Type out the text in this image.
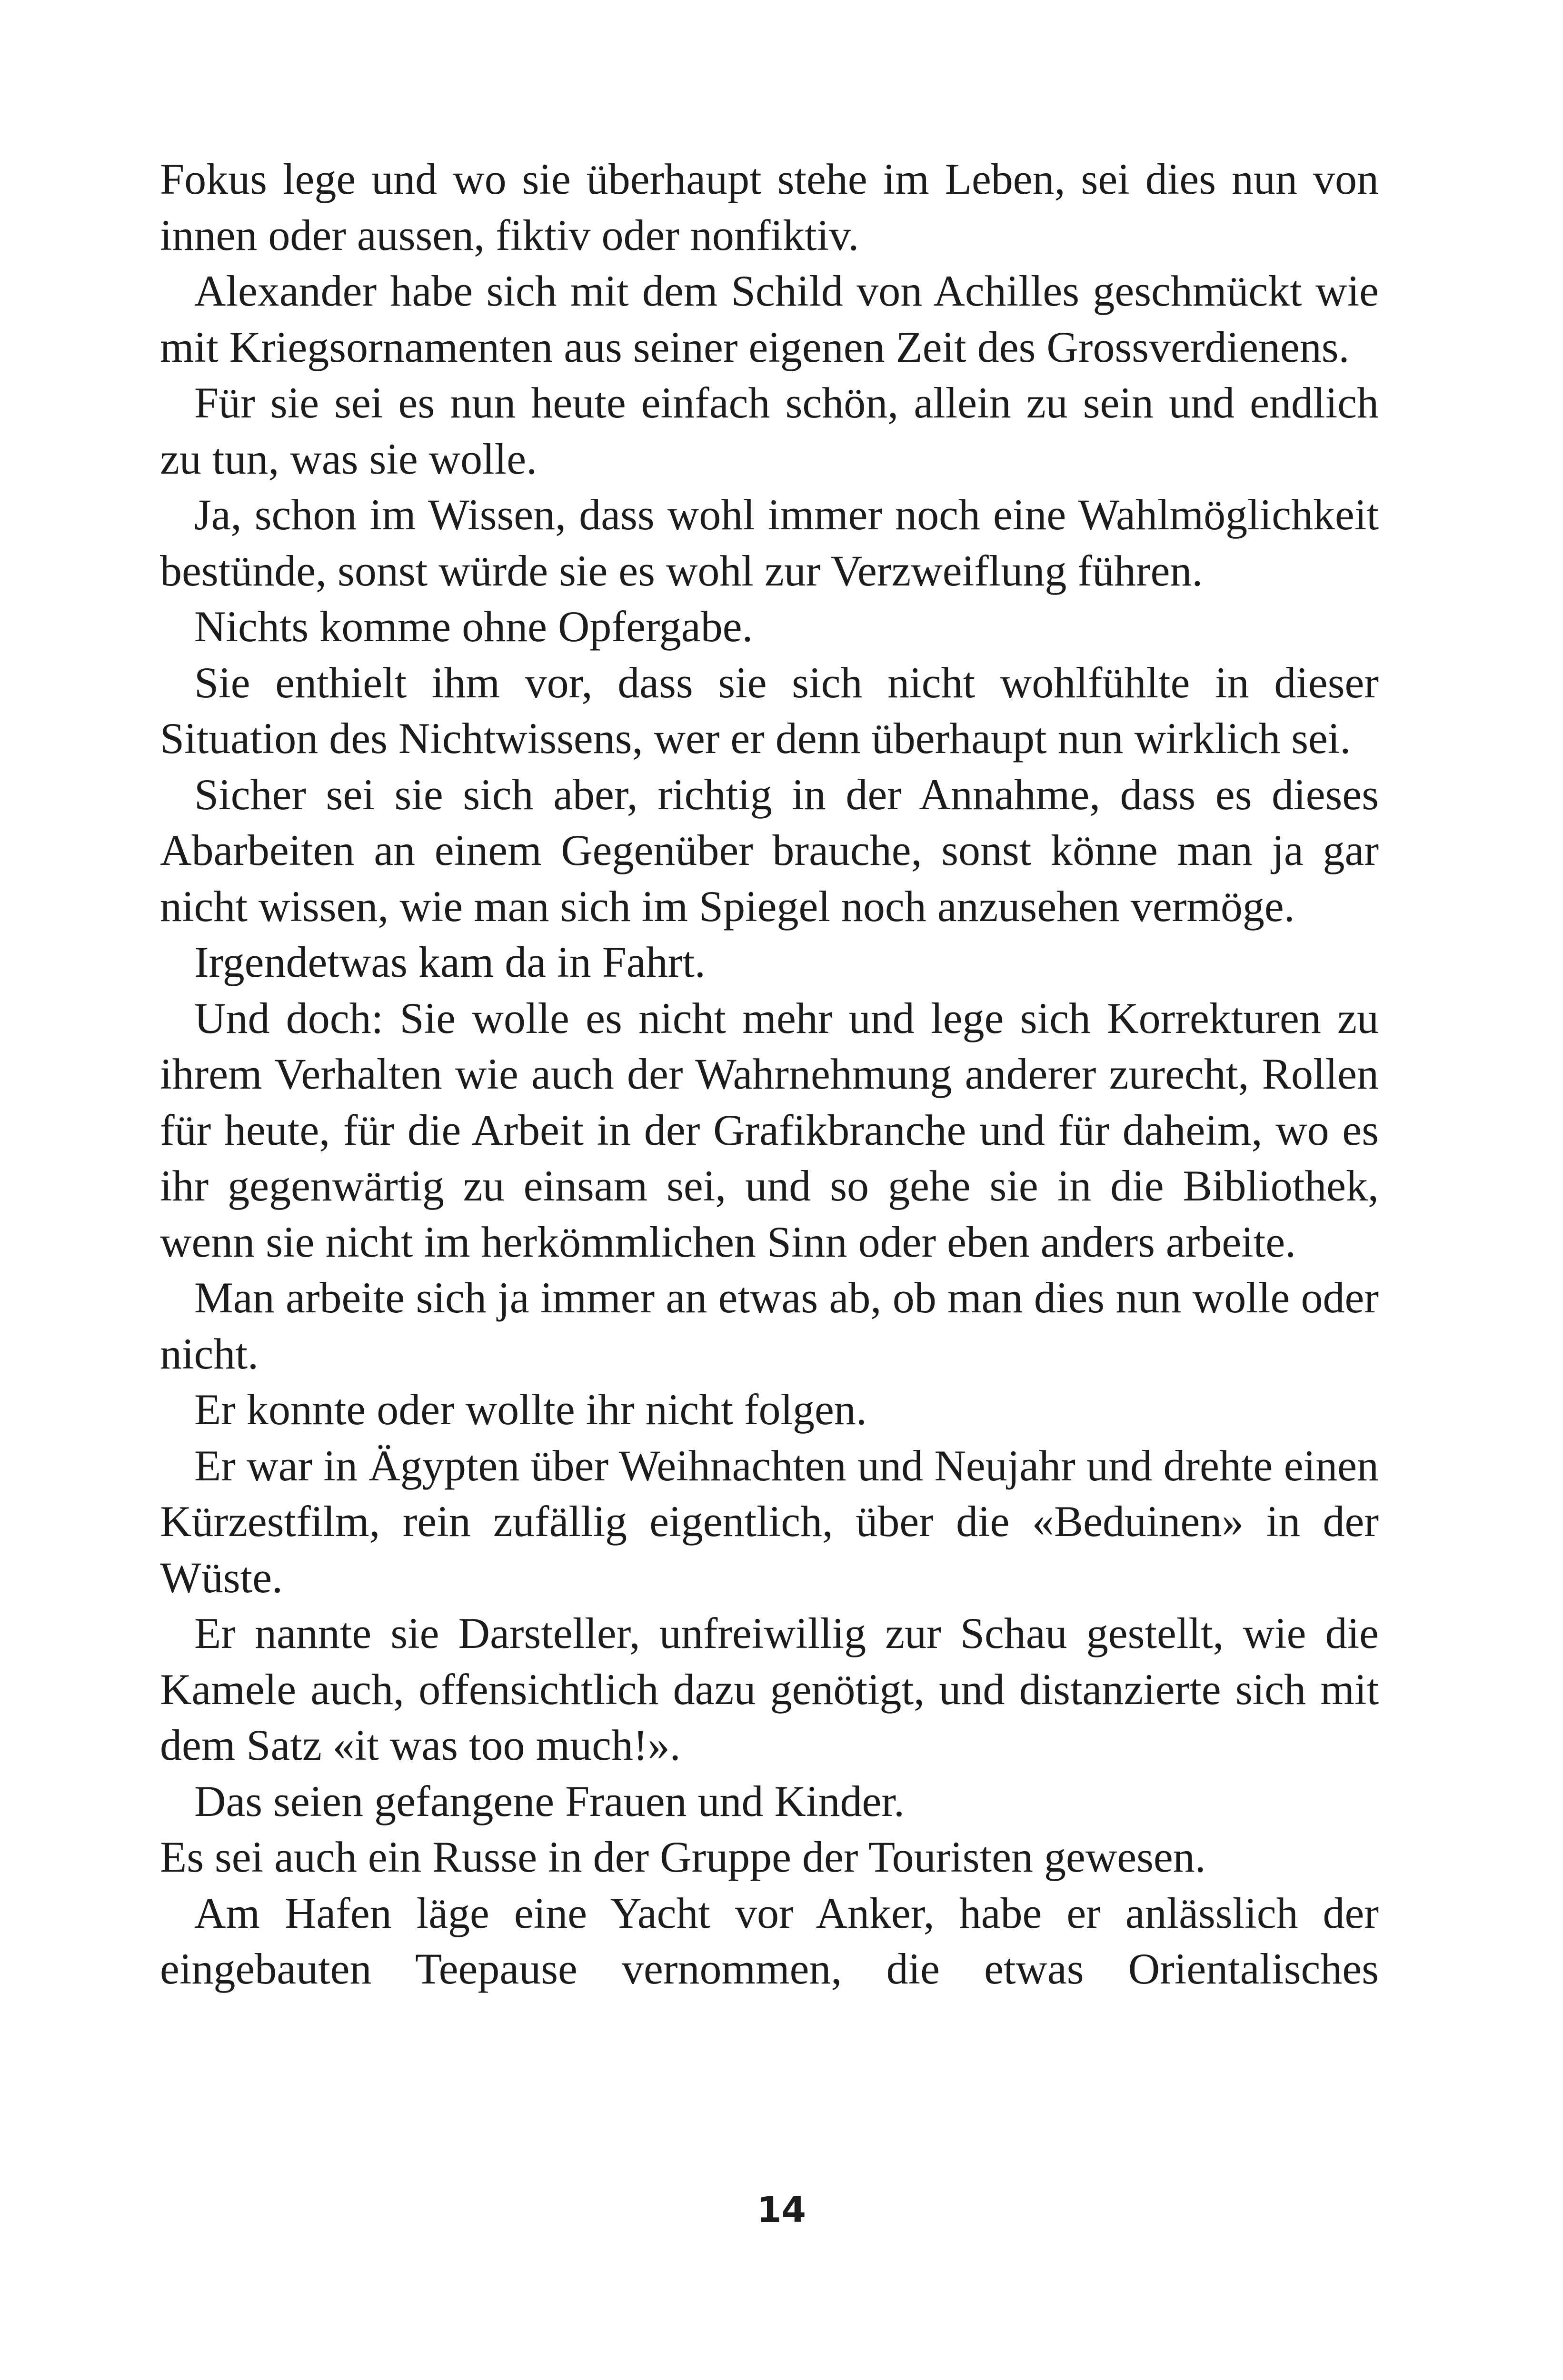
Fokus lege und wo sie überhaupt stehe im Leben, sei dies nun von innen oder aussen, fiktiv oder nonfiktiv.

Alexander habe sich mit dem Schild von Achilles geschmückt wie mit Kriegsornamenten aus seiner eigenen Zeit des Grossverdienens.

Für sie sei es nun heute einfach schön, allein zu sein und endlich zu tun, was sie wolle.

Ja, schon im Wissen, dass wohl immer noch eine Wahlmöglichkeit bestünde, sonst würde sie es wohl zur Verzweiflung führen.

Nichts komme ohne Opfergabe.

Sie enthielt ihm vor, dass sie sich nicht wohlfühlte in dieser Situation des Nichtwissens, wer er denn überhaupt nun wirklich sei.

Sicher sei sie sich aber, richtig in der Annahme, dass es dieses Abarbeiten an einem Gegenüber brauche, sonst könne man ja gar nicht wissen, wie man sich im Spiegel noch anzusehen vermöge.

Irgendetwas kam da in Fahrt.

Und doch: Sie wolle es nicht mehr und lege sich Korrekturen zu ihrem Verhalten wie auch der Wahrnehmung anderer zurecht, Rollen für heute, für die Arbeit in der Grafikbranche und für daheim, wo es ihr gegenwärtig zu einsam sei, und so gehe sie in die Bibliothek, wenn sie nicht im herkömmlichen Sinn oder eben anders arbeite.

Man arbeite sich ja immer an etwas ab, ob man dies nun wolle oder nicht.

Er konnte oder wollte ihr nicht folgen.

Er war in Ägypten über Weihnachten und Neujahr und drehte einen Kürzestfilm, rein zufällig eigentlich, über die «Beduinen» in der Wüste.

Er nannte sie Darsteller, unfreiwillig zur Schau gestellt, wie die Kamele auch, offensichtlich dazu genötigt, und distanzierte sich mit dem Satz «it was too much!».

Das seien gefangene Frauen und Kinder.

Es sei auch ein Russe in der Gruppe der Touristen gewesen.

Am Hafen läge eine Yacht vor Anker, habe er anlässlich der eingebauten Teepause vernommen, die etwas Orientalisches

14
